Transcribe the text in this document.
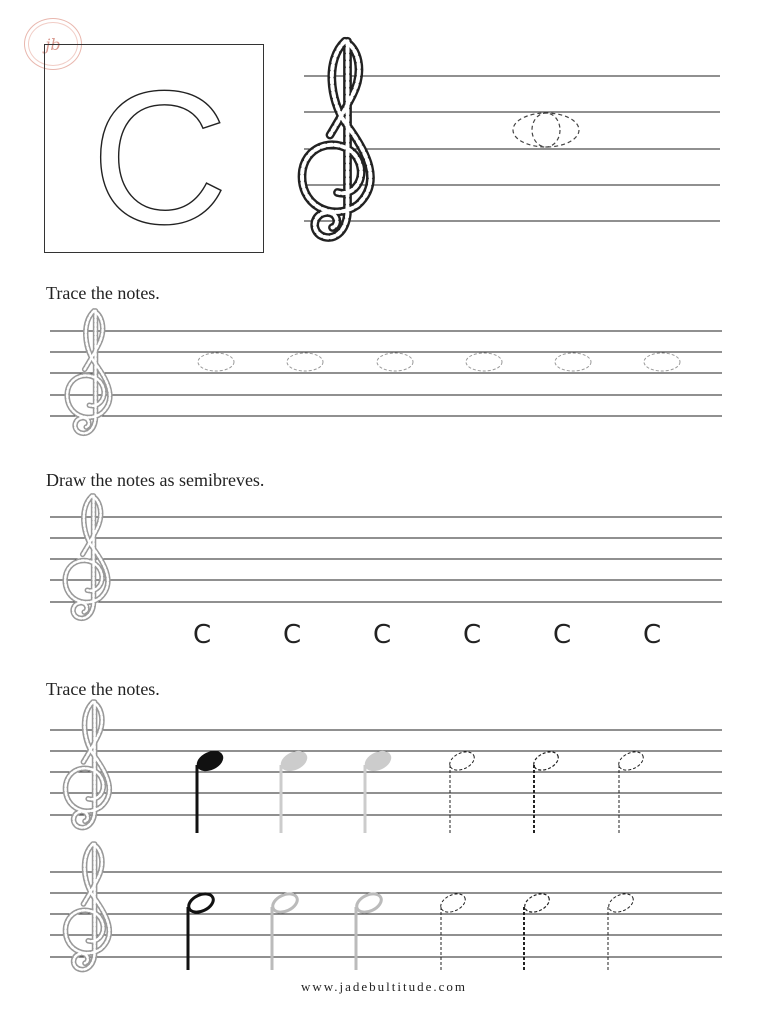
jb
C
Trace the notes.
Draw the notes as semibreves.
Trace the notes.
C	C	C	C	C	C
www.jadebultitude.com
